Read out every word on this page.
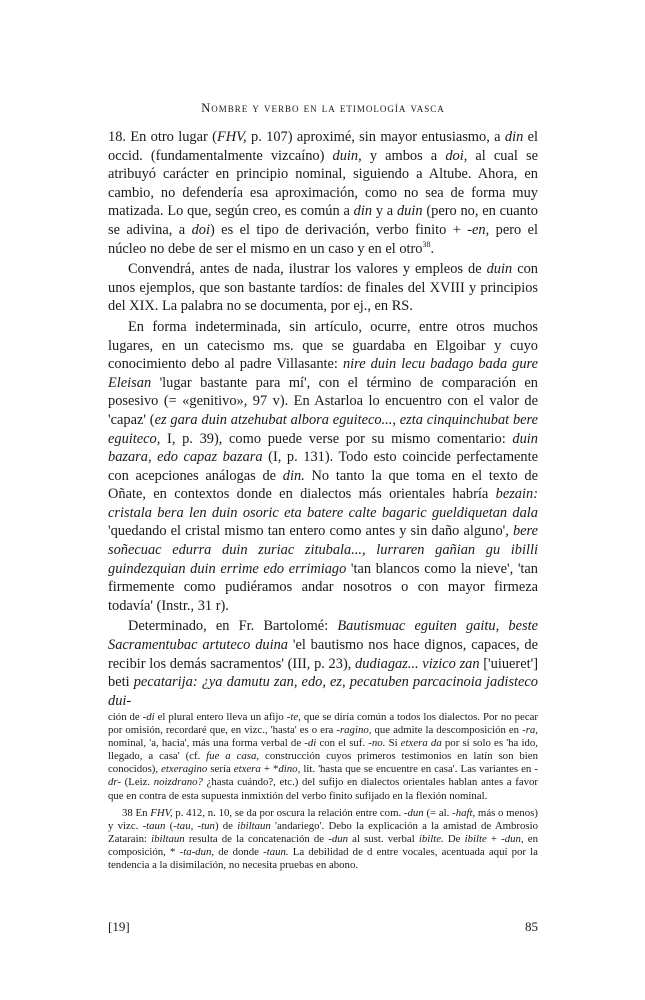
Nombre y verbo en la etimología vasca

18. En otro lugar (FHV, p. 107) aproximé, sin mayor entusiasmo, a din el occid. (fundamentalmente vizcaíno) duin, y ambos a doi, al cual se atribuyó carácter en principio nominal, siguiendo a Altube. Ahora, en cambio, no defendería esa aproximación, como no sea de forma muy matizada. Lo que, según creo, es común a din y a duin (pero no, en cuanto se adivina, a doi) es el tipo de derivación, verbo finito + -en, pero el núcleo no debe de ser el mismo en un caso y en el otro$^{38}$.

Convendrá, antes de nada, ilustrar los valores y empleos de duin con unos ejemplos, que son bastante tardíos: de finales del XVIII y principios del XIX. La palabra no se documenta, por ej., en RS.

En forma indeterminada, sin artículo, ocurre, entre otros muchos lugares, en un catecismo ms. que se guardaba en Elgoibar y cuyo conocimiento debo al padre Villasante: nire duin lecu badago bada gure Eleisan 'lugar bastante para mí', con el término de comparación en posesivo (= «genitivo», 97 v). En Astarloa lo encuentro con el valor de 'capaz' (ez gara duin atzehubat albora eguiteco..., ezta cinquinchubat bere eguiteco, I, p. 39), como puede verse por su mismo comentario: duin bazara, edo capaz bazara (I, p. 131). Todo esto coincide perfectamente con acepciones análogas de din. No tanto la que toma en el texto de Oñate, en contextos donde en dialectos más orientales habría bezain: cristala bera len duin osoric eta batere calte bagaric gueldiquetan dala 'quedando el cristal mismo tan entero como antes y sin daño alguno', bere soñecuac edurra duin zuriac zitubala..., lurraren gañian gu ibilli guindezquian duin errime edo errimiago 'tan blancos como la nieve', 'tan firmemente como pudiéramos andar nosotros o con mayor firmeza todavía' (Instr., 31 r).

Determinado, en Fr. Bartolomé: Bautismuac eguiten gaitu, beste Sacramentubac artuteco duina 'el bautismo nos hace dignos, capaces, de recibir los demás sacramentos' (III, p. 23), dudiagaz... vizico zan ['uiueret'] beti pecatarija: ¿ya damutu zan, edo, ez, pecatuben parcacinoia jadisteco dui-

ción de -di el plural entero lleva un afijo -te, que se diría común a todos los dialectos. Por no pecar por omisión, recordaré que, en vizc., 'hasta' es o era -ragino, que admite la descomposición en -ra, nominal, 'a, hacia', más una forma verbal de -di con el suf. -no. Si etxera da por sí solo es 'ha ido, llegado, a casa' (cf. fue a casa, construcción cuyos primeros testimonios en latín son bien conocidos), etxeragino sería etxera + *dino, lit. 'hasta que se encuentre en casa'. Las variantes en -dr- (Leiz. noizdrano? ¿hasta cuándo?, etc.) del sufijo en dialectos orientales hablan antes a favor que en contra de esta supuesta inmixtión del verbo finito sufijado en la flexión nominal.

38 En FHV, p. 412, n. 10, se da por oscura la relación entre com. -dun (= al. -haft, más o menos) y vizc. -taun (-tau, -tun) de ibiltaun 'andariego'. Debo la explicación a la amistad de Ambrosio Zatarain: ibiltaun resulta de la concatenación de -dun al sust. verbal ibilte. De ibilte + -dun, en composición, * -ta-dun, de donde -taun. La debilidad de d entre vocales, acentuada aquí por la tendencia a la disimilación, no necesita pruebas en abono.

[19]	85
